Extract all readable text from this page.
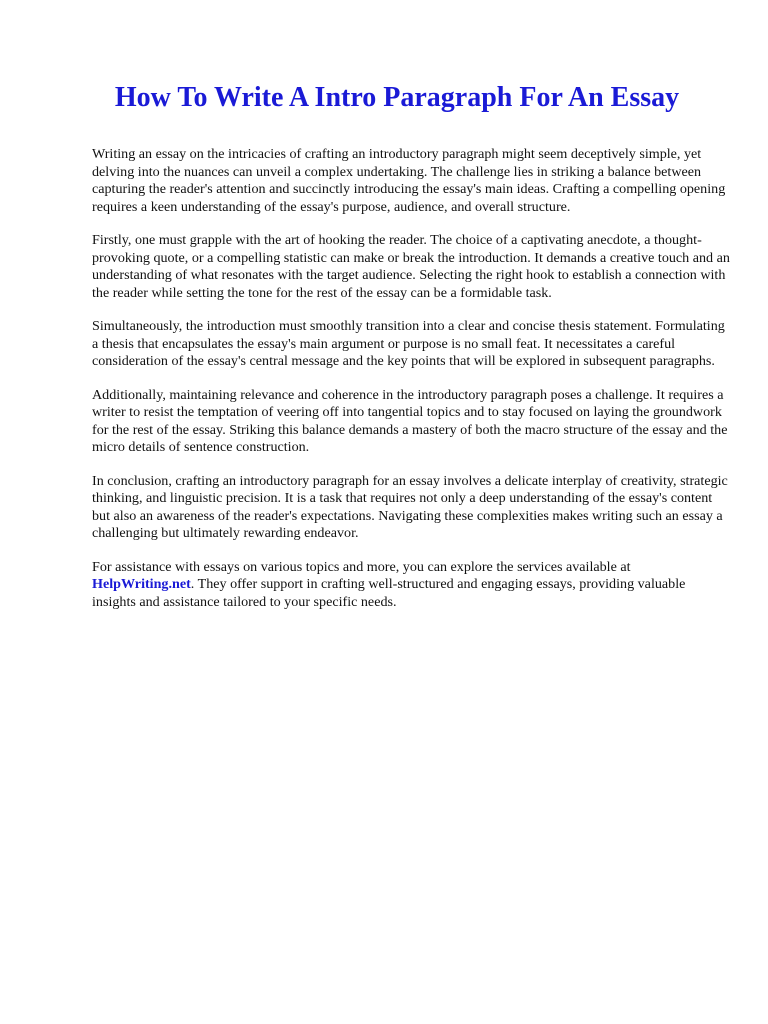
How To Write A Intro Paragraph For An Essay

Writing an essay on the intricacies of crafting an introductory paragraph might seem deceptively simple, yet delving into the nuances can unveil a complex undertaking. The challenge lies in striking a balance between capturing the reader's attention and succinctly introducing the essay's main ideas. Crafting a compelling opening requires a keen understanding of the essay's purpose, audience, and overall structure.

Firstly, one must grapple with the art of hooking the reader. The choice of a captivating anecdote, a thought-provoking quote, or a compelling statistic can make or break the introduction. It demands a creative touch and an understanding of what resonates with the target audience. Selecting the right hook to establish a connection with the reader while setting the tone for the rest of the essay can be a formidable task.

Simultaneously, the introduction must smoothly transition into a clear and concise thesis statement. Formulating a thesis that encapsulates the essay's main argument or purpose is no small feat. It necessitates a careful consideration of the essay's central message and the key points that will be explored in subsequent paragraphs.

Additionally, maintaining relevance and coherence in the introductory paragraph poses a challenge. It requires a writer to resist the temptation of veering off into tangential topics and to stay focused on laying the groundwork for the rest of the essay. Striking this balance demands a mastery of both the macro structure of the essay and the micro details of sentence construction.

In conclusion, crafting an introductory paragraph for an essay involves a delicate interplay of creativity, strategic thinking, and linguistic precision. It is a task that requires not only a deep understanding of the essay's content but also an awareness of the reader's expectations. Navigating these complexities makes writing such an essay a challenging but ultimately rewarding endeavor.

For assistance with essays on various topics and more, you can explore the services available at HelpWriting.net. They offer support in crafting well-structured and engaging essays, providing valuable insights and assistance tailored to your specific needs.
